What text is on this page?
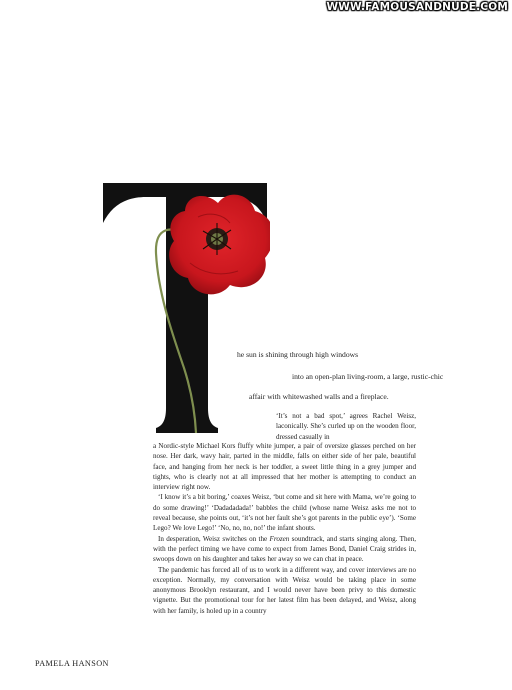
WWW.FAMOUSANDNUDE.COM
he sun is shining through high windows
into an open-plan living-room, a large, rustic-chic
affair with whitewashed walls and a fireplace.
‘It’s not a bad spot,’ agrees Rachel Weisz, laconically. She’s curled up on the wooden floor, dressed casually in

a Nordic-style Michael Kors fluffy white jumper, a pair of oversize glasses perched on her nose. Her dark, wavy hair, parted in the middle, falls on either side of her pale, beautiful face, and hanging from her neck is her toddler, a sweet little thing in a grey jumper and tights, who is clearly not at all impressed that her mother is attempting to conduct an interview right now.

‘I know it’s a bit boring,’ coaxes Weisz, ‘but come and sit here with Mama, we’re going to do some drawing!’ ‘Dadadadada!’ babbles the child (whose name Weisz asks me not to reveal because, she points out, ‘it’s not her fault she’s got parents in the public eye’). ‘Some Lego? We love Lego!’ ‘No, no, no, no!’ the infant shouts.

In desperation, Weisz switches on the Frozen soundtrack, and starts singing along. Then, with the perfect timing we have come to expect from James Bond, Daniel Craig strides in, swoops down on his daughter and takes her away so we can chat in peace.

The pandemic has forced all of us to work in a different way, and cover interviews are no exception. Normally, my conversation with Weisz would be taking place in some anonymous Brooklyn restaurant, and I would never have been privy to this domestic vignette. But the promotional tour for her latest film has been delayed, and Weisz, along with her family, is holed up in a country

PAMELA HANSON
